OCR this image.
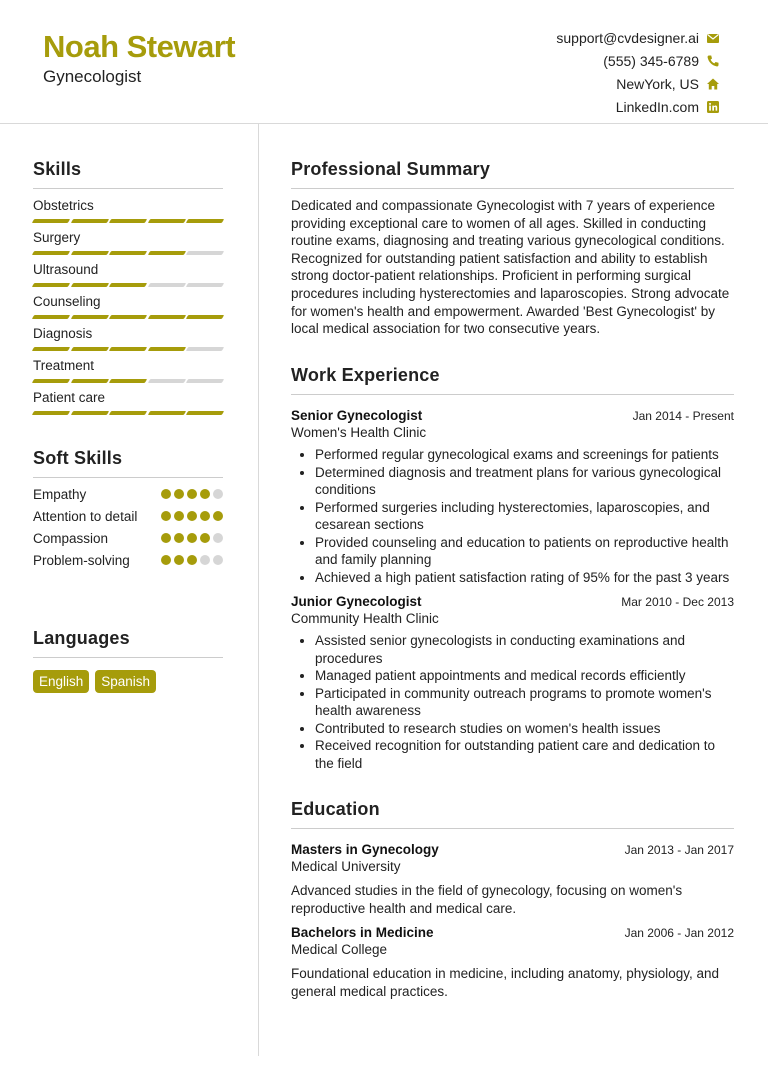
Noah Stewart
Gynecologist
support@cvdesigner.ai
(555) 345-6789
NewYork, US
LinkedIn.com
Skills
Obstetrics
Surgery
Ultrasound
Counseling
Diagnosis
Treatment
Patient care
Soft Skills
Empathy
Attention to detail
Compassion
Problem-solving
Languages
English	Spanish
Professional Summary

Dedicated and compassionate Gynecologist with 7 years of experience providing exceptional care to women of all ages. Skilled in conducting routine exams, diagnosing and treating various gynecological conditions. Recognized for outstanding patient satisfaction and ability to establish strong doctor-patient relationships. Proficient in performing surgical procedures including hysterectomies and laparoscopies. Strong advocate for women's health and empowerment. Awarded 'Best Gynecologist' by local medical association for two consecutive years.

Work Experience
Senior Gynecologist	Jan 2014 - Present
Women's Health Clinic
• Performed regular gynecological exams and screenings for patients
• Determined diagnosis and treatment plans for various gynecological conditions
• Performed surgeries including hysterectomies, laparoscopies, and cesarean sections
• Provided counseling and education to patients on reproductive health and family planning
• Achieved a high patient satisfaction rating of 95% for the past 3 years
Junior Gynecologist	Mar 2010 - Dec 2013
Community Health Clinic
• Assisted senior gynecologists in conducting examinations and procedures
• Managed patient appointments and medical records efficiently
• Participated in community outreach programs to promote women's health awareness
• Contributed to research studies on women's health issues
• Received recognition for outstanding patient care and dedication to the field
Education
Masters in Gynecology	Jan 2013 - Jan 2017
Medical University

Advanced studies in the field of gynecology, focusing on women's reproductive health and medical care.

Bachelors in Medicine	Jan 2006 - Jan 2012
Medical College

Foundational education in medicine, including anatomy, physiology, and general medical practices.
